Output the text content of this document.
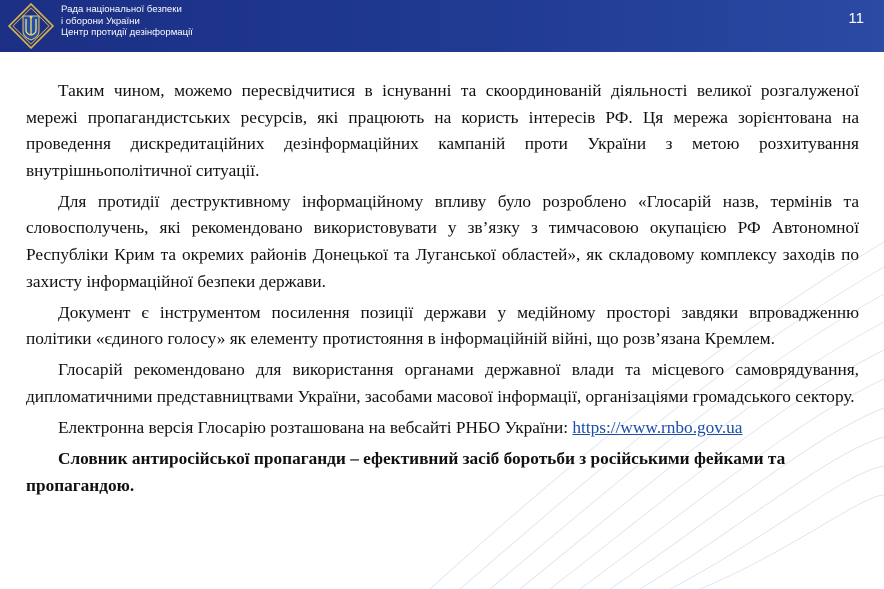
Рада національної безпеки
і оборони України
Центр протидії дезінформації
11

Таким чином, можемо пересвідчитися в існуванні та скоординованій діяльності великої розгалуженої мережі пропагандистських ресурсів, які працюють на користь інтересів РФ. Ця мережа зорієнтована на проведення дискредитаційних дезінформаційних кампаній проти України з метою розхитування внутрішньополітичної ситуації.

Для протидії деструктивному інформаційному впливу було розроблено «Глосарій назв, термінів та словосполучень, які рекомендовано використовувати у зв’язку з тимчасовою окупацією РФ Автономної Республіки Крим та окремих районів Донецької та Луганської областей», як складовому комплексу заходів по захисту інформаційної безпеки держави.

Документ є інструментом посилення позиції держави у медійному просторі завдяки впровадженню політики «єдиного голосу» як елементу протистояння в інформаційній війні, що розв’язана Кремлем.

Глосарій рекомендовано для використання органами державної влади та місцевого самоврядування, дипломатичними представництвами України, засобами масової інформації, організаціями громадського сектору.

Електронна версія Глосарію розташована на вебсайті РНБО України: https://www.rnbo.gov.ua

Словник антиросійської пропаганди – ефективний засіб боротьби з російськими фейками та пропагандою.
